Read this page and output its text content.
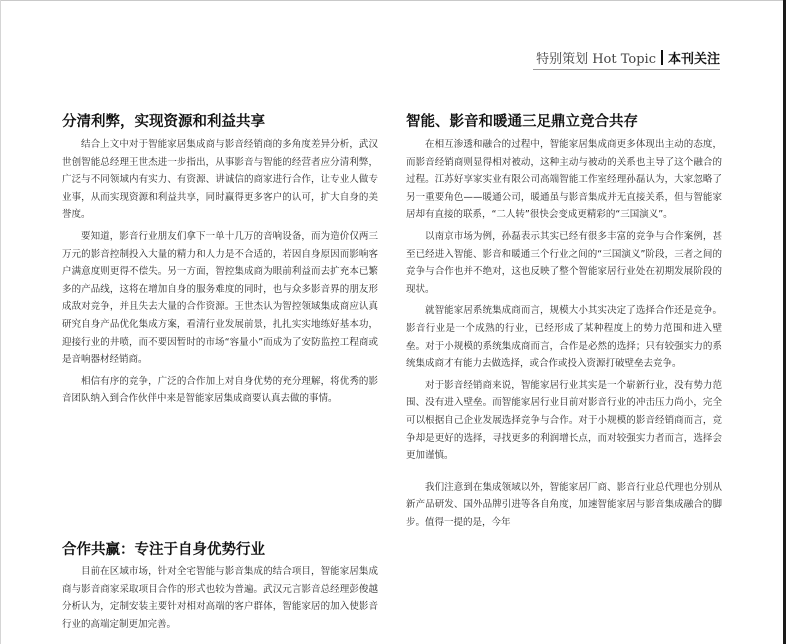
特别策划 Hot Topic 本刊关注
分清利弊，实现资源和利益共享

结合上文中对于智能家居集成商与影音经销商的多角度差异分析，武汉世创智能总经理王世杰进一步指出，从事影音与智能的经营者应分清利弊，广泛与不同领域内有实力、有资源、讲诚信的商家进行合作，让专业人做专业事，从而实现资源和利益共享，同时赢得更多客户的认可，扩大自身的美誉度。

要知道，影音行业朋友们拿下一单十几万的音响设备，而为造价仅两三万元的影音控制投入大量的精力和人力是不合适的，若因自身原因而影响客户满意度则更得不偿失。另一方面，智控集成商为眼前利益而去扩充本已繁多的产品线，这将在增加自身的服务难度的同时，也与众多影音界的朋友形成敌对竞争，并且失去大量的合作资源。王世杰认为智控领域集成商应认真研究自身产品优化集成方案，看清行业发展前景，扎扎实实地练好基本功，迎接行业的井喷，而不要因暂时的市场“容量小”而成为了安防监控工程商或是音响器材经销商。

相信有序的竞争，广泛的合作加上对自身优势的充分理解，将优秀的影音团队纳入到合作伙伴中来是智能家居集成商要认真去做的事情。

合作共赢：专注于自身优势行业

目前在区域市场，针对全宅智能与影音集成的结合项目，智能家居集成商与影音商家采取项目合作的形式也较为普遍。武汉元言影音总经理彭俊越分析认为，定制安装主要针对相对高端的客户群体，智能家居的加入使影音行业的高端定制更加完善。

智能、影音和暖通三足鼎立竞合共存

在相互渗透和融合的过程中，智能家居集成商更多体现出主动的态度，而影音经销商则显得相对被动，这种主动与被动的关系也主导了这个融合的过程。江苏好享家实业有限公司高端智能工作室经理孙磊认为，大家忽略了另一重要角色——暖通公司，暖通虽与影音集成并无直接关系，但与智能家居却有直接的联系，“二人转”很快会变成更精彩的“三国演义”。

以南京市场为例，孙磊表示其实已经有很多丰富的竞争与合作案例，甚至已经进入智能、影音和暖通三个行业之间的“三国演义”阶段，三者之间的竞争与合作也并不绝对，这也反映了整个智能家居行业处在初期发展阶段的现状。

就智能家居系统集成商而言，规模大小其实决定了选择合作还是竞争。影音行业是一个成熟的行业，已经形成了某种程度上的势力范围和进入壁垒。对于小规模的系统集成商而言，合作是必然的选择；只有较强实力的系统集成商才有能力去做选择，或合作或投入资源打破壁垒去竞争。

对于影音经销商来说，智能家居行业其实是一个崭新行业，没有势力范围、没有进入壁垒。而智能家居行业目前对影音行业的冲击压力尚小，完全可以根据自己企业发展选择竞争与合作。对于小规模的影音经销商而言，竞争却是更好的选择，寻找更多的利润增长点，而对较强实力者而言，选择会更加谨慎。

我们注意到在集成领域以外，智能家居厂商、影音行业总代理也分别从新产品研发、国外品牌引进等各自角度，加速智能家居与影音集成融合的脚步。值得一提的是，今年
